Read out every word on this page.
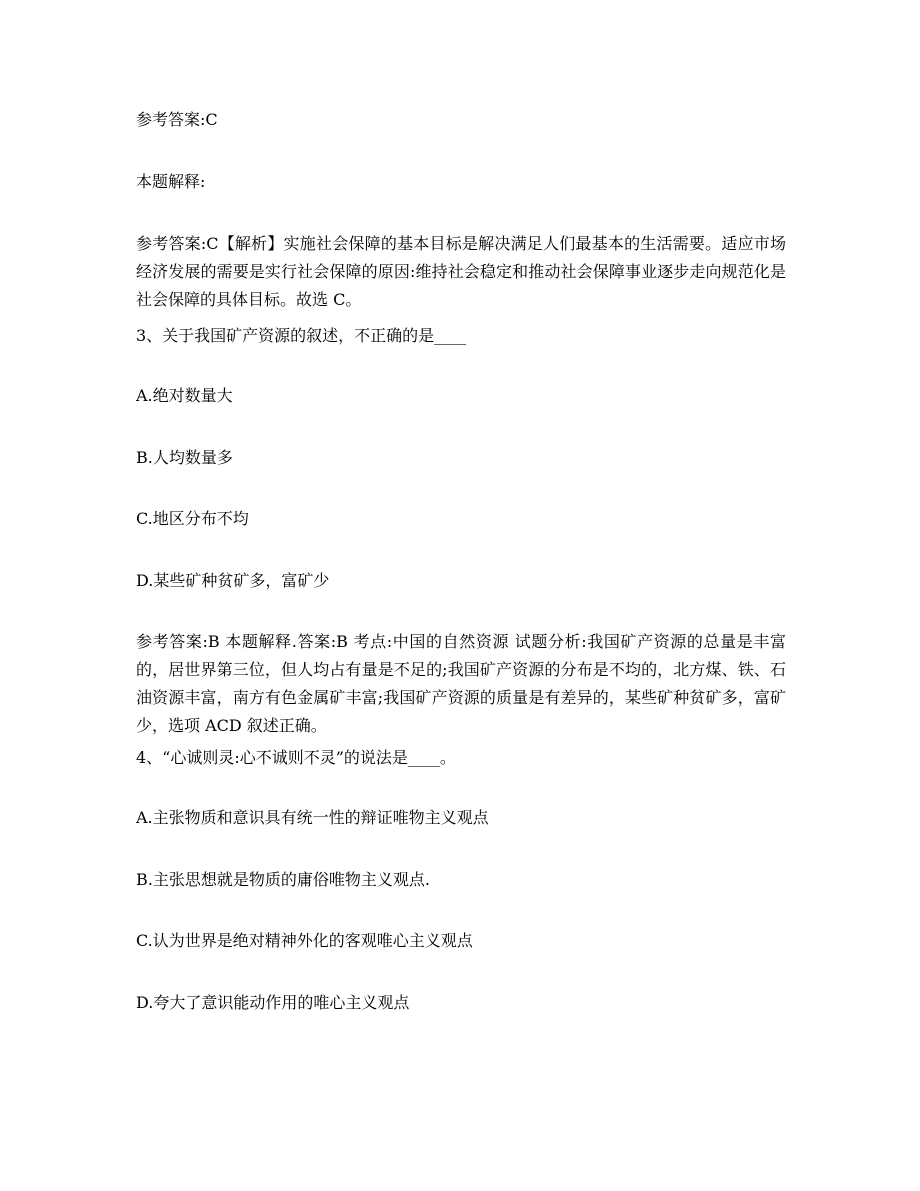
参考答案:C
本题解释:
参考答案:C【解析】实施社会保障的基本目标是解决满足人们最基本的生活需要。适应市场经济发展的需要是实行社会保障的原因:维持社会稳定和推动社会保障事业逐步走向规范化是社会保障的具体目标。故选 C。
3、关于我国矿产资源的叙述，不正确的是____
A.绝对数量大
B.人均数量多
C.地区分布不均
D.某些矿种贫矿多，富矿少
参考答案:B 本题解释.答案:B 考点:中国的自然资源 试题分析:我国矿产资源的总量是丰富的，居世界第三位，但人均占有量是不足的;我国矿产资源的分布是不均的，北方煤、铁、石油资源丰富，南方有色金属矿丰富;我国矿产资源的质量是有差异的，某些矿种贫矿多，富矿少，选项 ACD 叙述正确。
4、“心诚则灵:心不诚则不灵”的说法是____。
A.主张物质和意识具有统一性的辩证唯物主义观点
B.主张思想就是物质的庸俗唯物主义观点.
C.认为世界是绝对精神外化的客观唯心主义观点
D.夸大了意识能动作用的唯心主义观点
